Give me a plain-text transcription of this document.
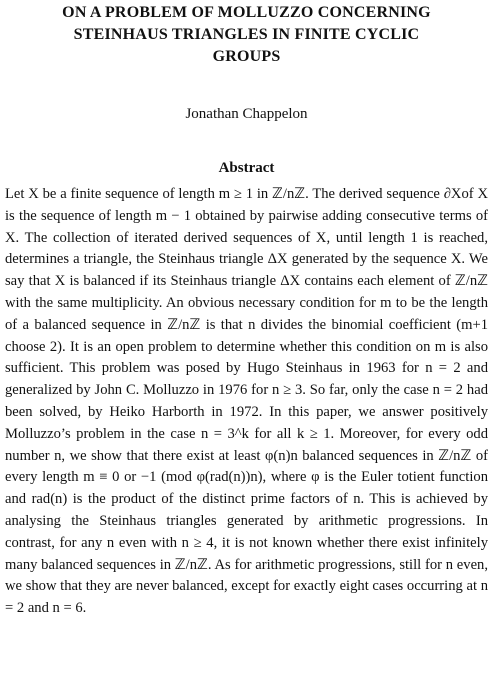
ON A PROBLEM OF MOLLUZZO CONCERNING
STEINHAUS TRIANGLES IN FINITE CYCLIC
GROUPS
Jonathan Chappelon
Abstract
Let X be a finite sequence of length m ≥ 1 in ℤ/nℤ. The derived sequence ∂Xof X is the sequence of length m − 1 obtained by pairwise adding consecutive terms of X. The collection of iterated derived sequences of X, until length 1 is reached, determines a triangle, the Steinhaus triangle ΔX generated by the sequence X. We say that X is balanced if its Steinhaus triangle ΔX contains each element of ℤ/nℤ with the same multiplicity. An obvious necessary condition for m to be the length of a balanced sequence in ℤ/nℤ is that n divides the binomial coefficient (m+1 choose 2). It is an open problem to determine whether this condition on m is also sufficient. This problem was posed by Hugo Steinhaus in 1963 for n = 2 and generalized by John C. Molluzzo in 1976 for n ≥ 3. So far, only the case n = 2 had been solved, by Heiko Harborth in 1972. In this paper, we answer positively Molluzzo’s problem in the case n = 3^k for all k ≥ 1. Moreover, for every odd number n, we show that there exist at least φ(n)n balanced sequences in ℤ/nℤ of every length m ≡ 0 or −1 (mod φ(rad(n))n), where φ is the Euler totient function and rad(n) is the product of the distinct prime factors of n. This is achieved by analysing the Steinhaus triangles generated by arithmetic progressions. In contrast, for any n even with n ≥ 4, it is not known whether there exist infinitely many balanced sequences in ℤ/nℤ. As for arithmetic progressions, still for n even, we show that they are never balanced, except for exactly eight cases occurring at n = 2 and n = 6.
